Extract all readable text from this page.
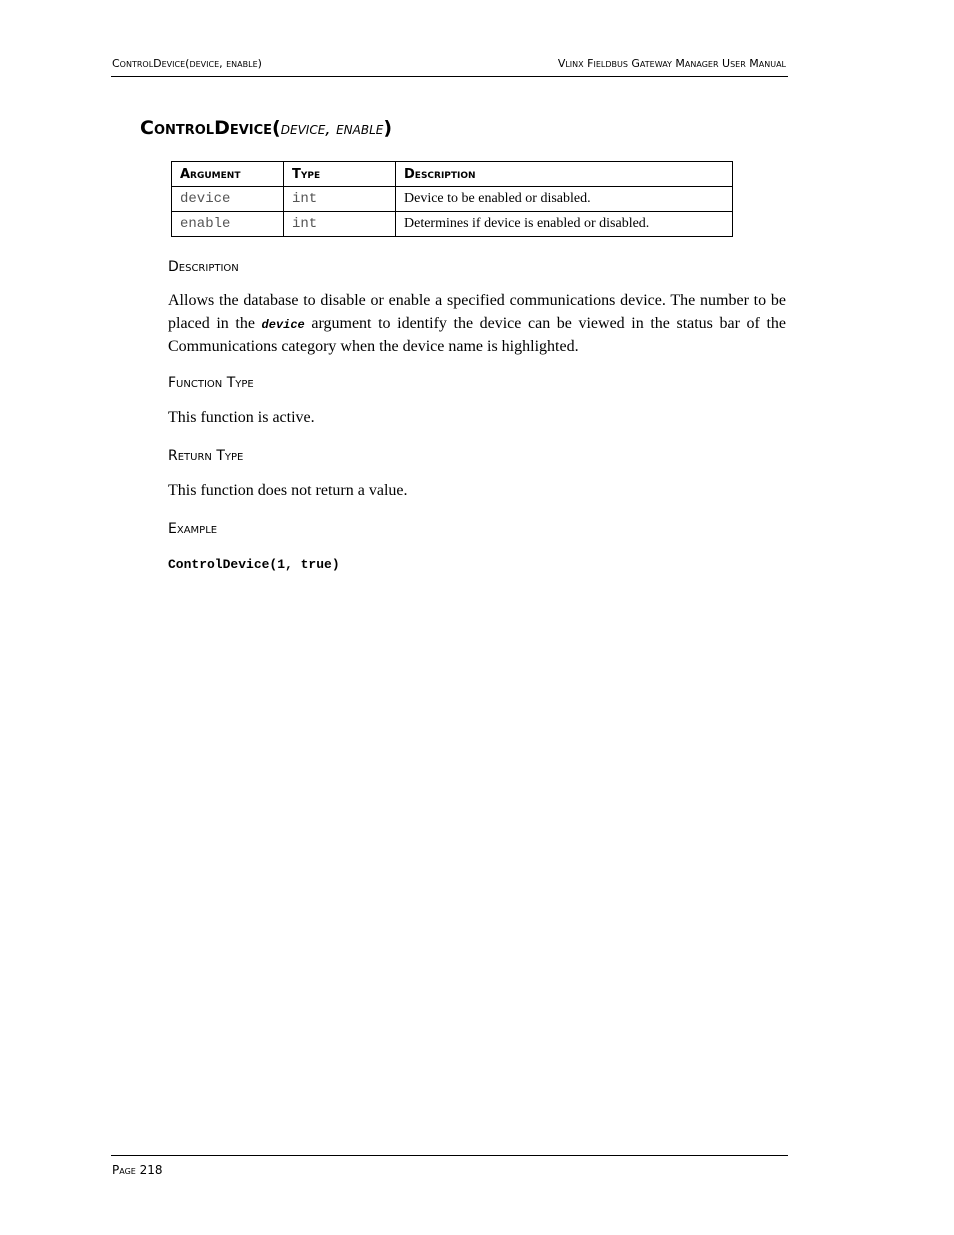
ControlDevice(device, enable)	Vlinx Fieldbus Gateway Manager User Manual
ControlDevice(device, enable)
Argument	Type	Description
device	int	Device to be enabled or disabled.
enable	int	Determines if device is enabled or disabled.
Description
Allows the database to disable or enable a specified communications device. The number to be placed in the device argument to identify the device can be viewed in the status bar of the Communications category when the device name is highlighted.
Function Type
This function is active.
Return Type
This function does not return a value.
Example
ControlDevice(1, true)
Page 218
